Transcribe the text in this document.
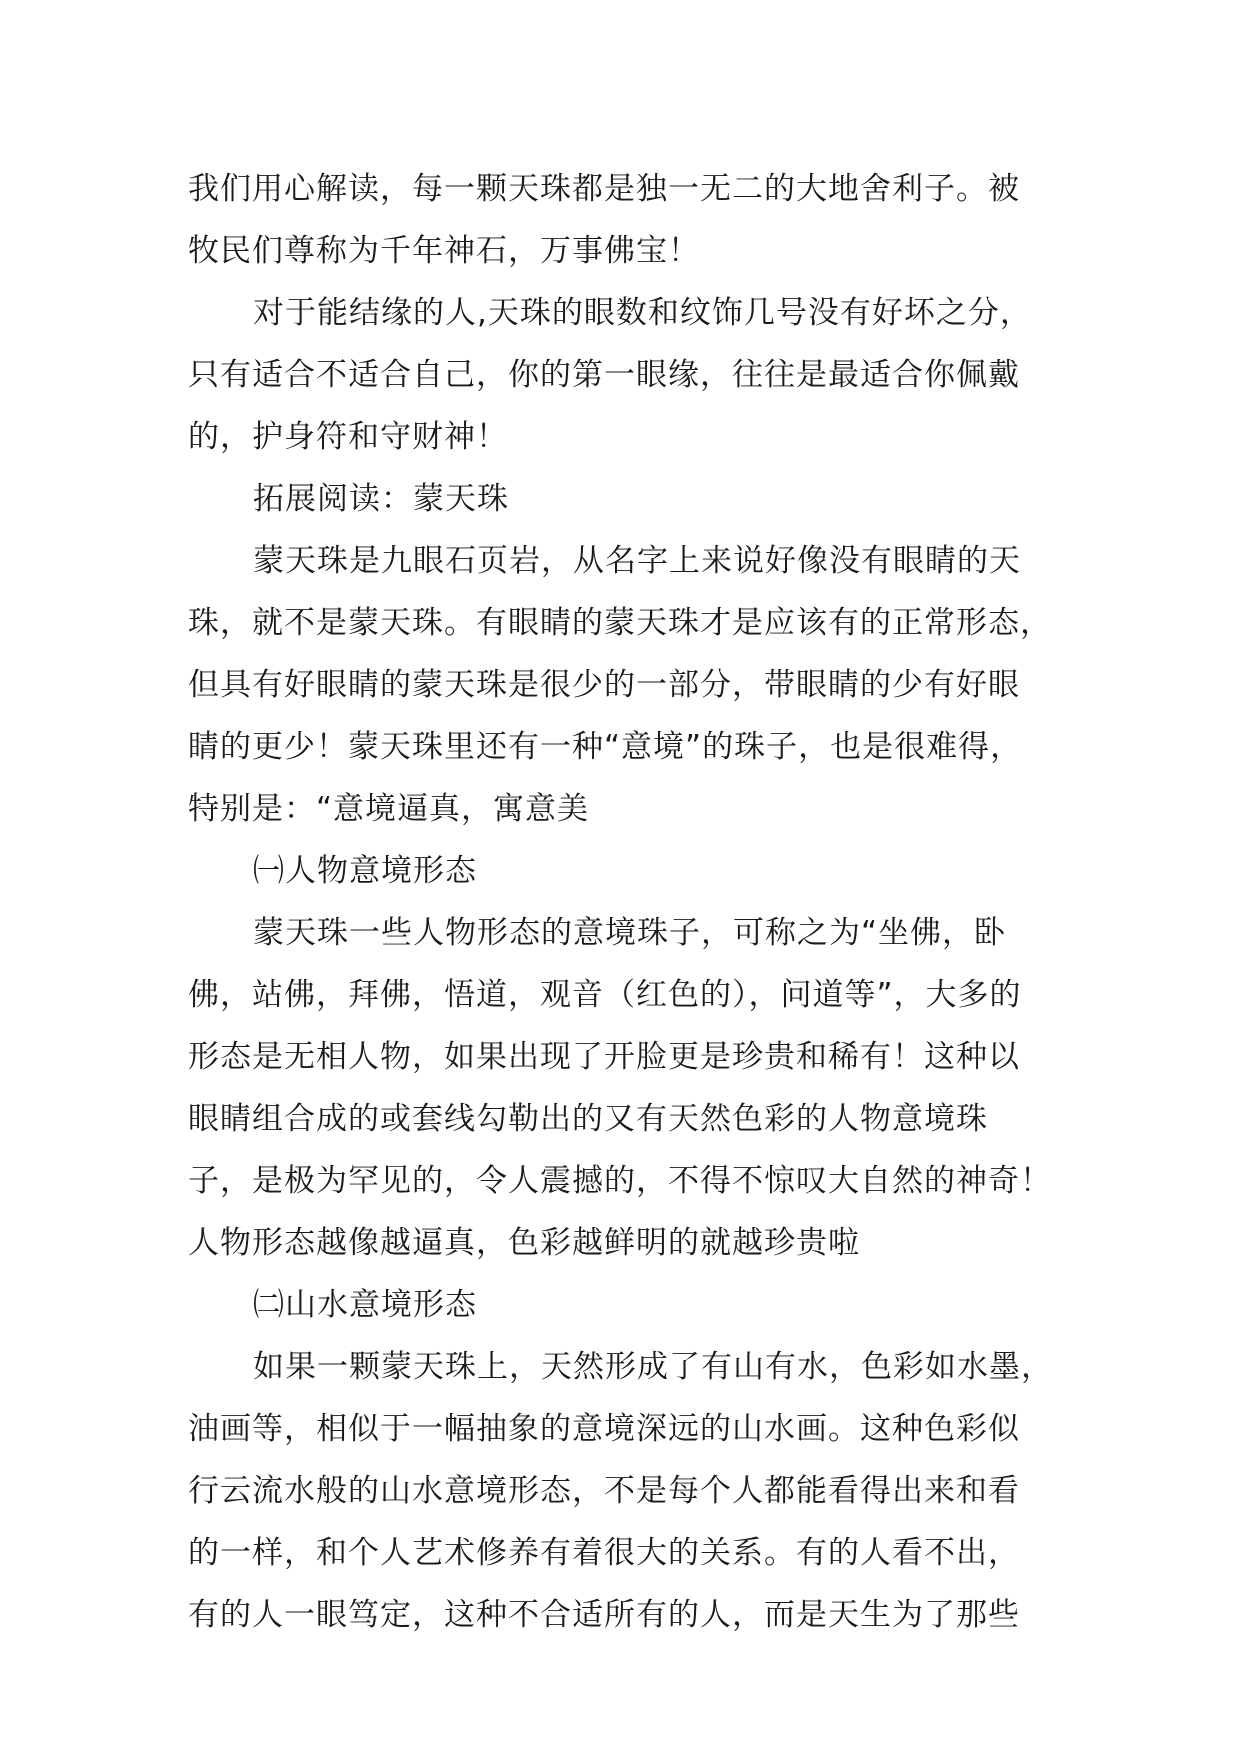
我们用心解读，每一颗天珠都是独一无二的大地舍利子。被
牧民们尊称为千年神石，万事佛宝！
对于能结缘的人,天珠的眼数和纹饰几号没有好坏之分，
只有适合不适合自己，你的第一眼缘，往往是最适合你佩戴
的，护身符和守财神！
拓展阅读：蒙天珠
蒙天珠是九眼石页岩，从名字上来说好像没有眼睛的天
珠，就不是蒙天珠。有眼睛的蒙天珠才是应该有的正常形态，
但具有好眼睛的蒙天珠是很少的一部分，带眼睛的少有好眼
睛的更少！蒙天珠里还有一种“意境”的珠子，也是很难得，
特别是：“意境逼真，寓意美
㈠人物意境形态
蒙天珠一些人物形态的意境珠子，可称之为“坐佛，卧
佛，站佛，拜佛，悟道，观音（红色的），问道等”，大多的
形态是无相人物，如果出现了开脸更是珍贵和稀有！这种以
眼睛组合成的或套线勾勒出的又有天然色彩的人物意境珠
子，是极为罕见的，令人震撼的，不得不惊叹大自然的神奇！
人物形态越像越逼真，色彩越鲜明的就越珍贵啦
㈡山水意境形态
如果一颗蒙天珠上，天然形成了有山有水，色彩如水墨，
油画等，相似于一幅抽象的意境深远的山水画。这种色彩似
行云流水般的山水意境形态，不是每个人都能看得出来和看
的一样，和个人艺术修养有着很大的关系。有的人看不出，
有的人一眼笃定，这种不合适所有的人，而是天生为了那些
